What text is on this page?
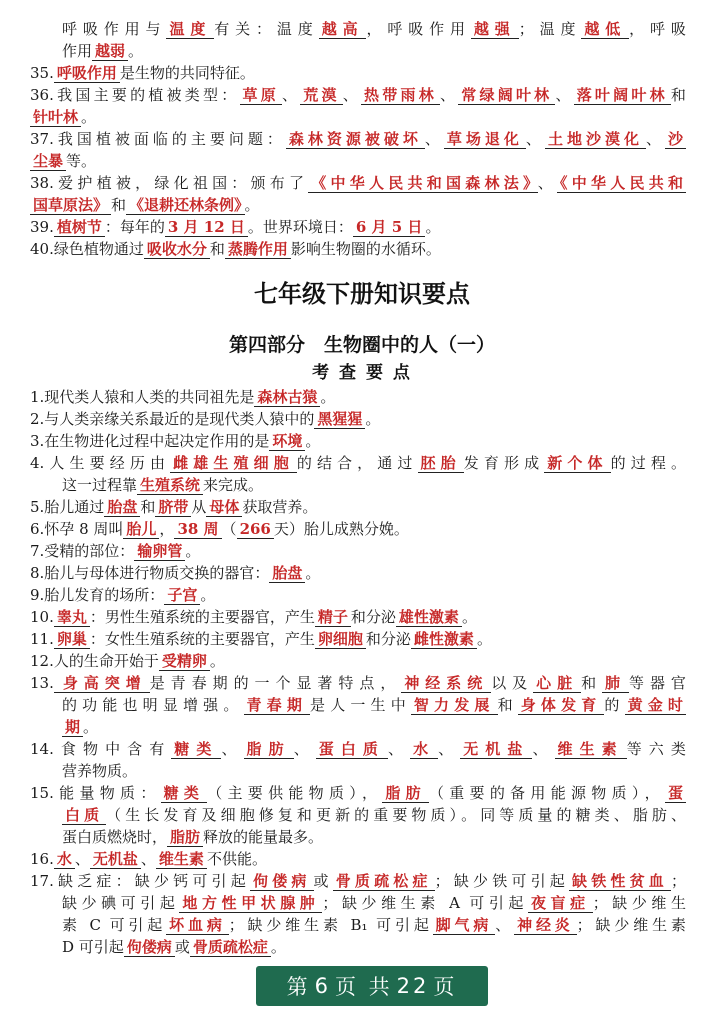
呼吸作用与 温度 有关：温度 越高 ，呼吸作用 越强 ；温度 越低 ，呼吸
作用 越弱 。
35. 呼吸作用 是生物的共同特征。
36.我国主要的植被类型： 草原 、 荒漠 、 热带雨林 、 常绿阔叶林 、 落叶阔叶林 和
针叶林 。
37.我国植被面临的主要问题： 森林资源被破坏 、 草场退化 、 土地沙漠化 、 沙
尘暴 等。
38.爱护植被，绿化祖国：颁布了 《中华人民共和国森林法》 、 《中华人民共和
国草原法》 和 《退耕还林条例》 。
39. 植树节 ：每年的 3 月 12 日 。世界环境日： 6 月 5 日 。
40.绿色植物通过 吸收水分 和 蒸腾作用 影响生物圈的水循环。
1.现代类人猿和人类的共同祖先是 森林古猿 。
2.与人类亲缘关系最近的是现代类人猿中的 黑猩猩 。
3.在生物进化过程中起决定作用的是 环境 。
4.人生要经历由 雌雄生殖细胞 的结合，通过 胚胎 发育形成 新个体 的过程。
这一过程靠 生殖系统 来完成。
5.胎儿通过 胎盘 和 脐带 从 母体 获取营养。
6.怀孕 8 周叫 胎儿 ， 38 周 （ 266 天）胎儿成熟分娩。
7.受精的部位： 输卵管 。
8.胎儿与母体进行物质交换的器官： 胎盘 。
9.胎儿发育的场所： 子宫 。
10. 睾丸 ：男性生殖系统的主要器官，产生 精子 和分泌 雄性激素 。
11. 卵巢 ：女性生殖系统的主要器官，产生 卵细胞 和分泌 雌性激素 。
12.人的生命开始于 受精卵 。
13. 身高突增 是青春期的一个显著特点， 神经系统 以及 心脏 和 肺 等器官
的功能也明显增强。 青春期 是人一生中 智力发展 和 身体发育 的 黄金时
期 。
14.食物中含有 糖类 、 脂肪 、 蛋白质 、 水 、 无机盐 、 维生素 等六类
营养物质。
15.能量物质： 糖类 （主要供能物质）， 脂肪 （重要的备用能源物质）， 蛋
白质 （生长发育及细胞修复和更新的重要物质）。同等质量的糖类、脂肪、
蛋白质燃烧时， 脂肪 释放的能量最多。
16. 水 、 无机盐 、 维生素 不供能。
17.缺乏症：缺少钙可引起 佝偻病 或 骨质疏松症 ；缺少铁可引起 缺铁性贫血 ；
缺少碘可引起 地方性甲状腺肿 ；缺少维生素 A 可引起 夜盲症 ；缺少维生
素 C 可引起 坏血病 ；缺少维生素 B₁ 可引起 脚气病 、 神经炎 ；缺少维生素
D 可引起 佝偻病 或 骨质疏松症 。
七年级下册知识要点
第四部分　生物圈中的人（一）
考 查 要 点
第 6 页 共 22 页
